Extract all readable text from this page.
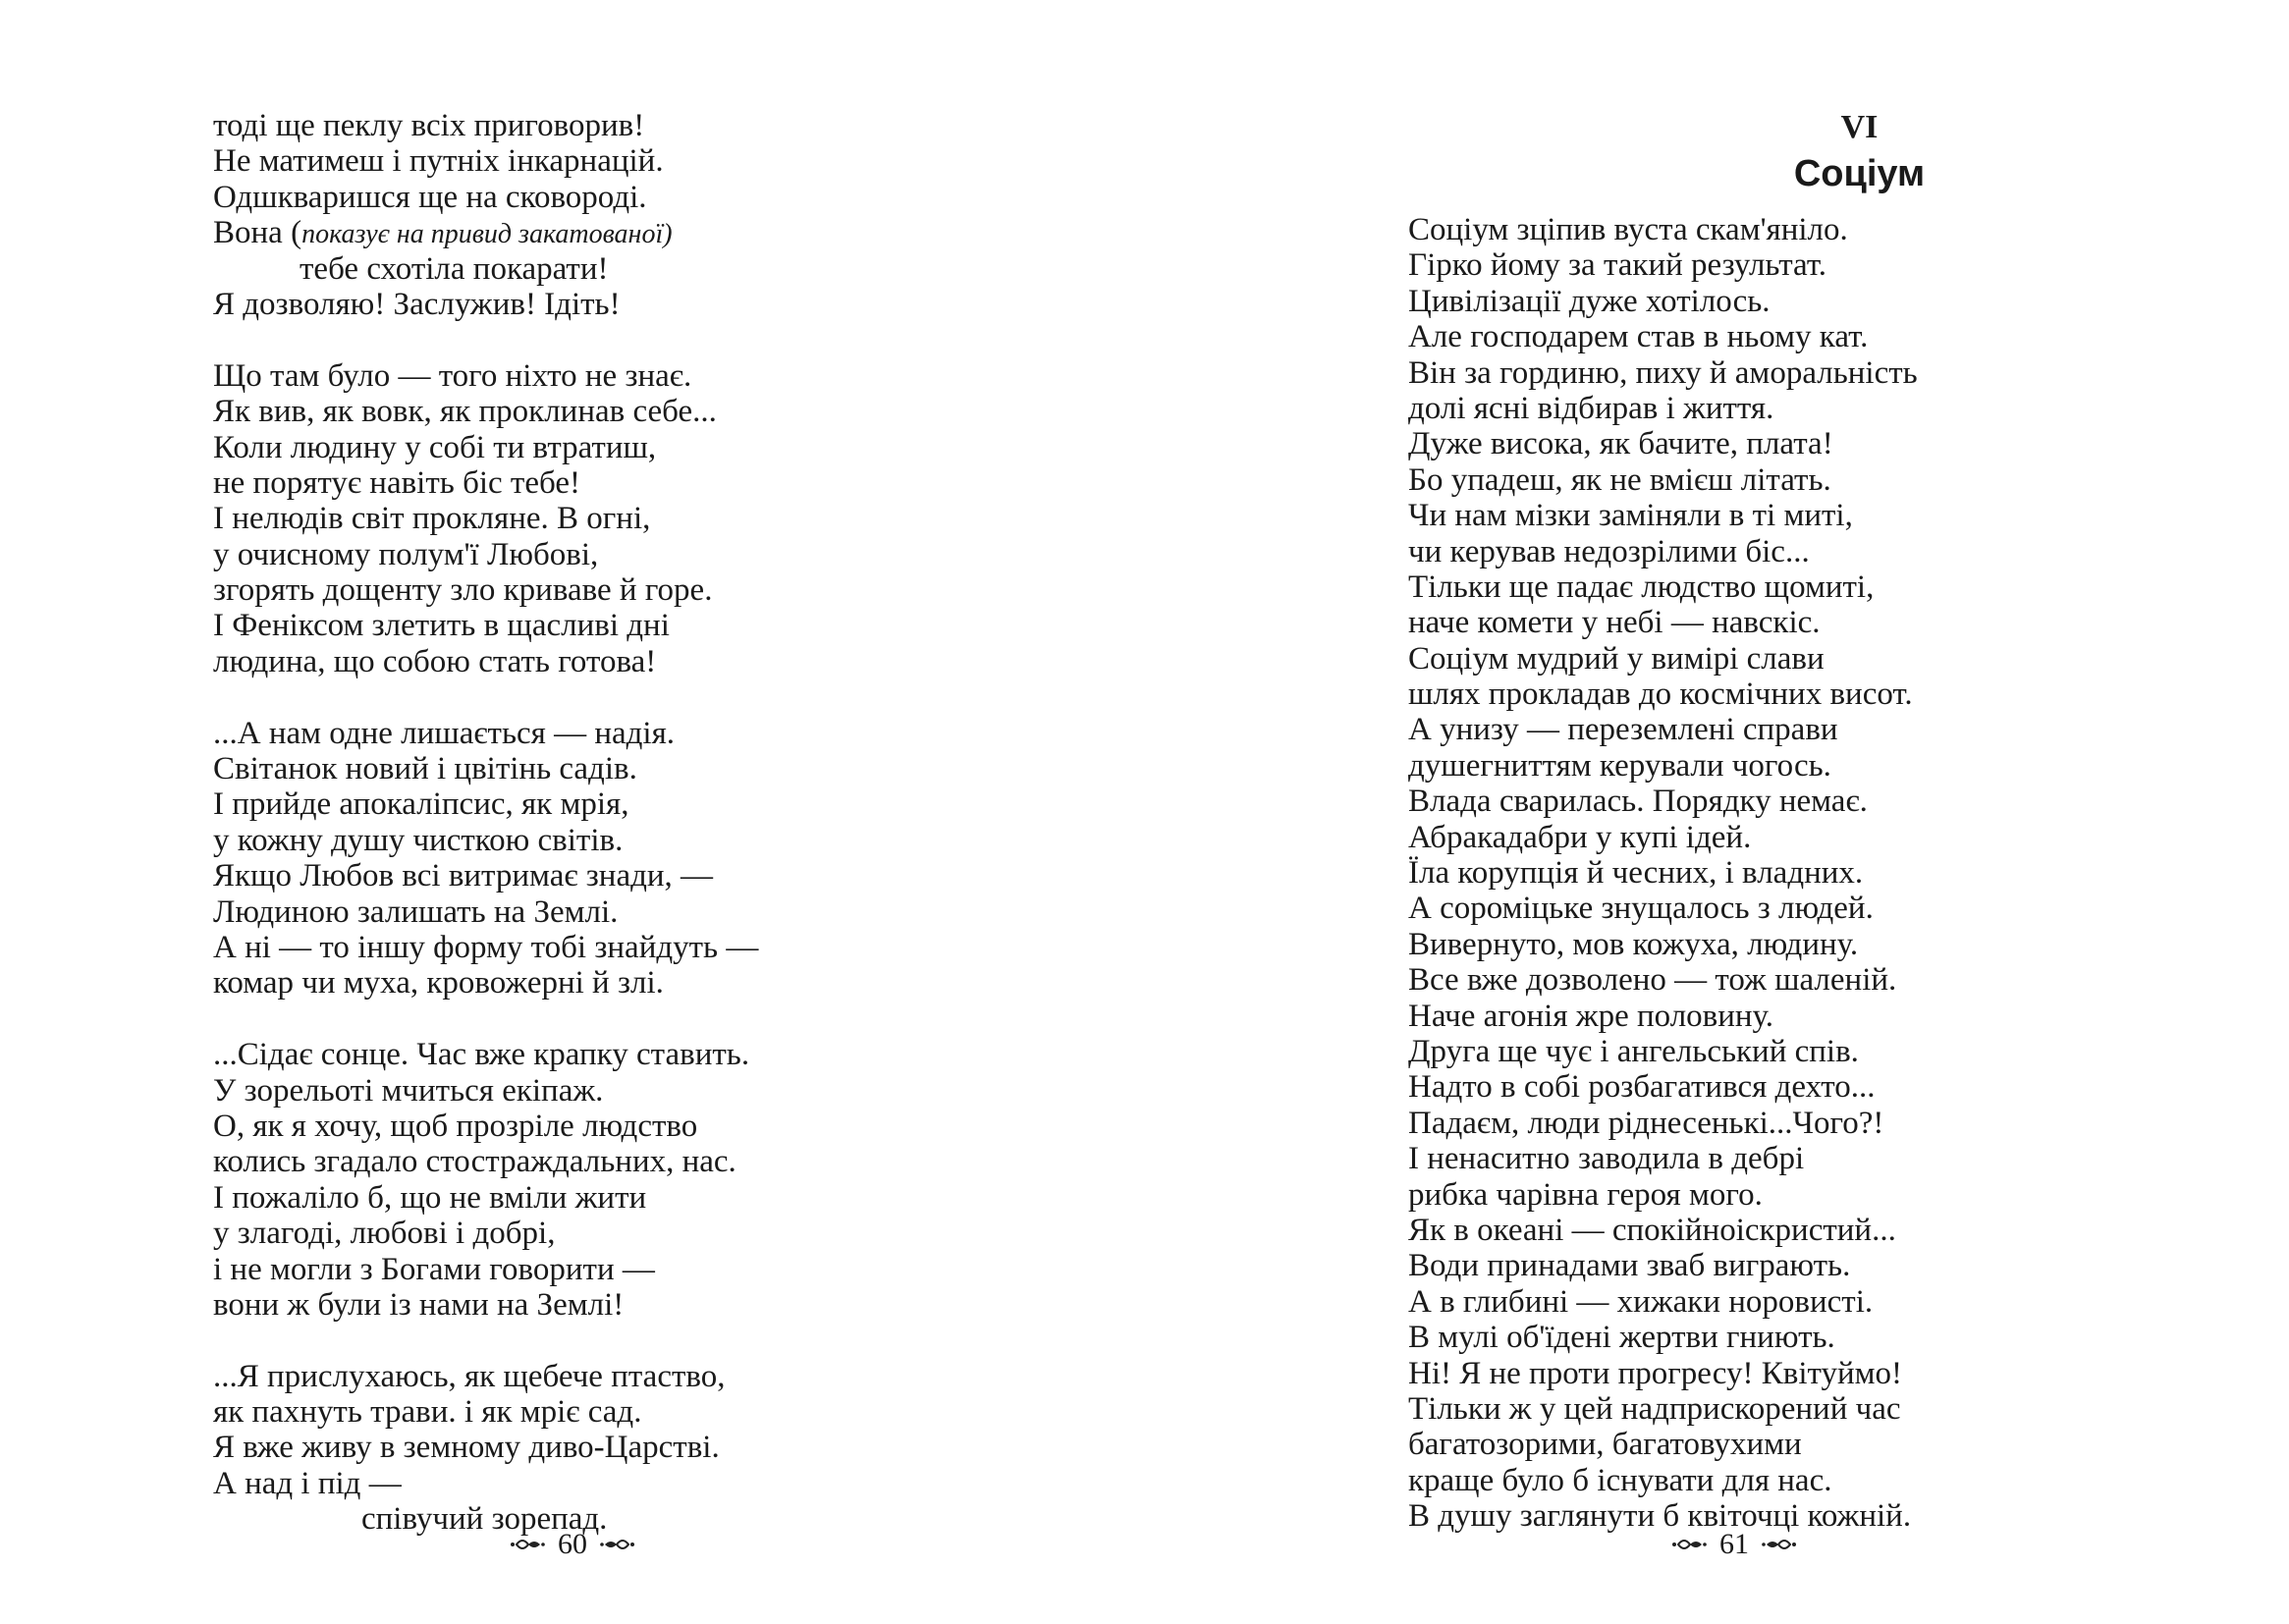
тоді ще пеклу всіх приговорив!
Не матимеш і путніх інкарнацій.
Одшкваришся ще на сковороді.
Вона (показує на привид закатованої)
тебе схотіла покарати!
Я дозволяю! Заслужив! Ідіть!
Що там було — того ніхто не знає.
Як вив, як вовк, як проклинав себе...
Коли людину у собі ти втратиш,
не порятує навіть біс тебе!
І нелюдів світ прокляне. В огні,
у очисному полум'ї Любові,
згорять дощенту зло криваве й горе.
І Феніксом злетить в щасливі дні
людина, що собою стать готова!
...А нам одне лишається — надія.
Світанок новий і цвітінь садів.
І прийде апокаліпсис, як мрія,
у кожну душу чисткою світів.
Якщо Любов всі витримає знади, —
Людиною залишать на Землі.
А ні — то іншу форму тобі знайдуть —
комар чи муха, кровожерні й злі.
...Сідає сонце. Час вже крапку ставить.
У зорельоті мчиться екіпаж.
О, як я хочу, щоб прозріле людство
колись згадало стостраждальних, нас.
І пожаліло б, що не вміли жити
у злагоді, любові і добрі,
і не могли з Богами говорити —
вони ж були із нами на Землі!
...Я прислухаюсь, як щебече птаство,
як пахнуть трави. і як мріє сад.
Я вже живу в земному диво-Царстві.
А над і під —
співучий зорепад.
60
VI
Соціум
Соціум зціпив вуста скам'яніло.
Гірко йому за такий результат.
Цивілізації дуже хотілось.
Але господарем став в ньому кат.
Він за гординю, пиху й аморальність
долі ясні відбирав і життя.
Дуже висока, як бачите, плата!
Бо упадеш, як не вмієш літать.
Чи нам мізки заміняли в ті миті,
чи керував недозрілими біс...
Тільки ще падає людство щомиті,
наче комети у небі — навскіс.
Соціум мудрий у вимірі слави
шлях прокладав до космічних висот.
А унизу — переземлені справи
душегниттям керували чогось.
Влада сварилась. Порядку немає.
Абракадабри у купі ідей.
Їла корупція й чесних, і владних.
А сороміцьке знущалось з людей.
Вивернуто, мов кожуха, людину.
Все вже дозволено — тож шаленій.
Наче агонія жре половину.
Друга ще чує і ангельський спів.
Надто в собі розбагатився дехто...
Падаєм, люди ріднесенькі...Чого?!
І ненаситно заводила в дебрі
рибка чарівна героя мого.
Як в океані — спокійноіскристий...
Води принадами зваб виграють.
А в глибині — хижаки норовисті.
В мулі об'їдені жертви гниють.
Ні! Я не проти прогресу! Квітуймо!
Тільки ж у цей надприскорений час
багатозорими, багатовухими
краще було б існувати для нас.
В душу заглянути б квіточці кожній.
61
